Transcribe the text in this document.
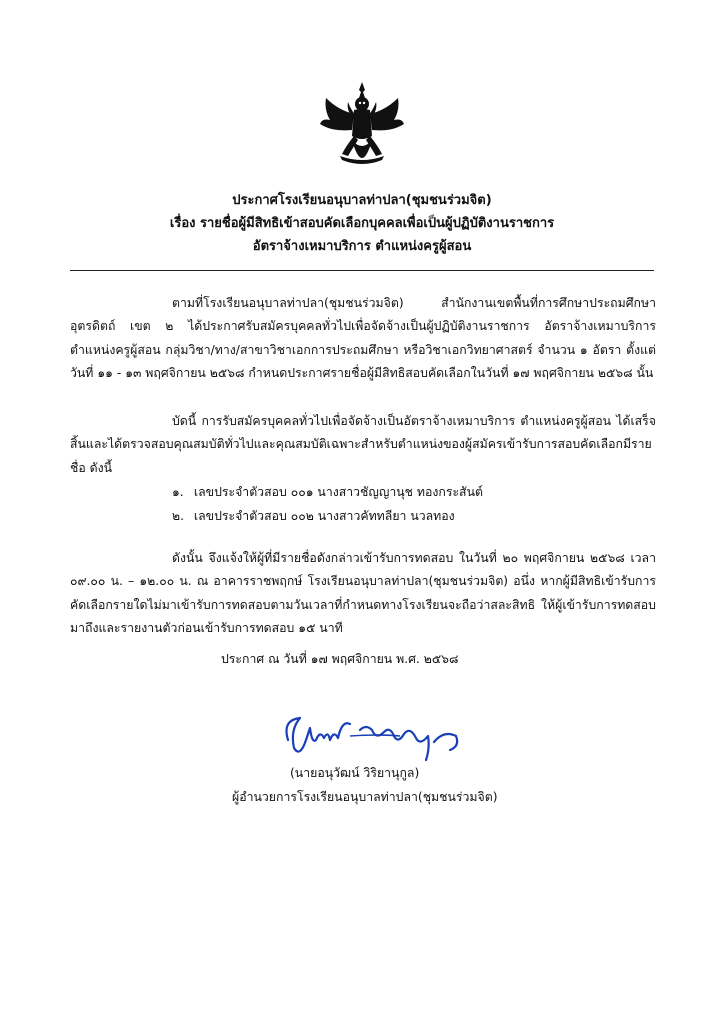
ประกาศโรงเรียนอนุบาลท่าปลา(ชุมชนร่วมจิต)
เรื่อง รายชื่อผู้มีสิทธิเข้าสอบคัดเลือกบุคคลเพื่อเป็นผู้ปฏิบัติงานราชการ
อัตราจ้างเหมาบริการ ตำแหน่งครูผู้สอน
ตามที่โรงเรียนอนุบาลท่าปลา(ชุมชนร่วมจิต) สำนักงานเขตพื้นที่การศึกษาประถมศึกษาอุตรดิตถ์ เขต ๒ ได้ประกาศรับสมัครบุคคลทั่วไปเพื่อจัดจ้างเป็นผู้ปฏิบัติงานราชการ อัตราจ้างเหมาบริการ ตำแหน่งครูผู้สอน กลุ่มวิชา/ทาง/สาขาวิชาเอกการประถมศึกษา หรือวิชาเอกวิทยาศาสตร์ จำนวน ๑ อัตรา ตั้งแต่วันที่ ๑๑ - ๑๓ พฤศจิกายน ๒๕๖๘ กำหนดประกาศรายชื่อผู้มีสิทธิสอบคัดเลือกในวันที่ ๑๗ พฤศจิกายน ๒๕๖๘ นั้น
บัดนี้ การรับสมัครบุคคลทั่วไปเพื่อจัดจ้างเป็นอัตราจ้างเหมาบริการ ตำแหน่งครูผู้สอน ได้เสร็จสิ้นและได้ตรวจสอบคุณสมบัติทั่วไปและคุณสมบัติเฉพาะสำหรับตำแหน่งของผู้สมัครเข้ารับการสอบคัดเลือกมีรายชื่อ ดังนี้
๑. เลขประจำตัวสอบ ๐๐๑ นางสาวชัญญานุช ทองกระสันต์
๒. เลขประจำตัวสอบ ๐๐๒ นางสาวคัททลียา นวลทอง
ดังนั้น จึงแจ้งให้ผู้ที่มีรายชื่อดังกล่าวเข้ารับการทดสอบ ในวันที่ ๒๐ พฤศจิกายน ๒๕๖๘ เวลา ๐๙.๐๐ น. – ๑๒.๐๐ น. ณ อาคารราชพฤกษ์ โรงเรียนอนุบาลท่าปลา(ชุมชนร่วมจิต) อนึ่ง หากผู้มีสิทธิเข้ารับการคัดเลือกรายใดไม่มาเข้ารับการทดสอบตามวันเวลาที่กำหนดทางโรงเรียนจะถือว่าสละสิทธิ ให้ผู้เข้ารับการทดสอบมาถึงและรายงานตัวก่อนเข้ารับการทดสอบ ๑๕ นาที
ประกาศ ณ วันที่ ๑๗ พฤศจิกายน พ.ศ. ๒๕๖๘
(นายอนุวัฒน์ วิริยานุกูล)
ผู้อำนวยการโรงเรียนอนุบาลท่าปลา(ชุมชนร่วมจิต)
